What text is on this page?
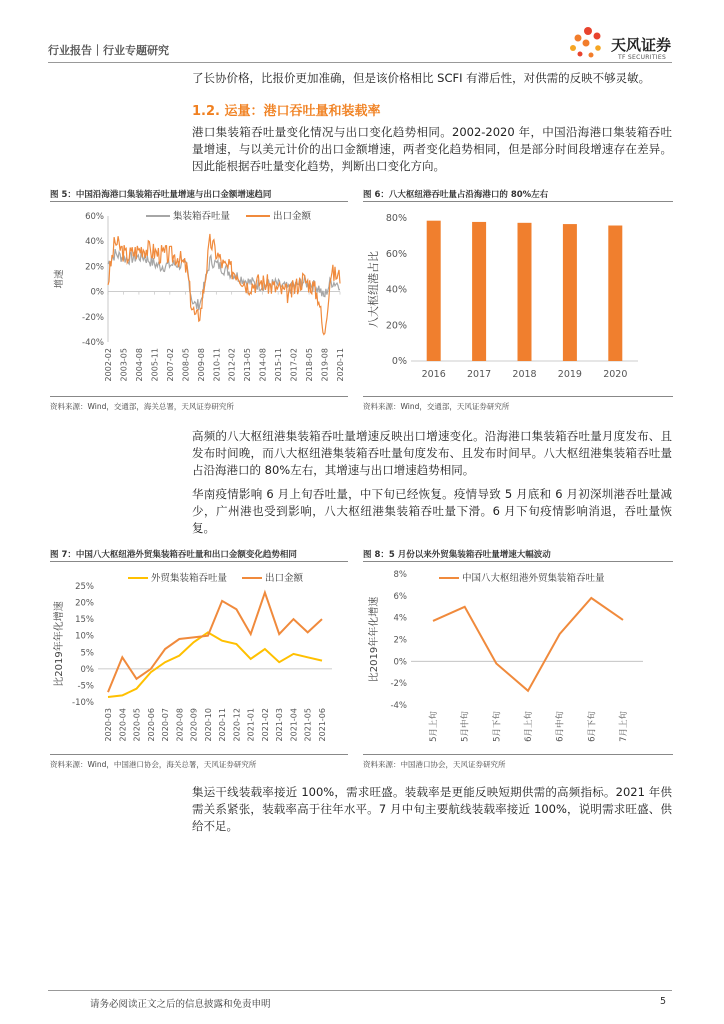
行业报告｜行业专题研究	天风证券
TF SECURITIES
了长协价格，比报价更加准确，但是该价格相比 SCFI 有滞后性，对供需的反映不够灵敏。
1.2. 运量：港口吞吐量和装载率
港口集装箱吞吐量变化情况与出口变化趋势相同。2002-2020 年，中国沿海港口集装箱吞吐量增速，与以美元计价的出口金额增速，两者变化趋势相同，但是部分时间段增速存在差异。因此能根据吞吐量变化趋势，判断出口变化方向。
图 5：中国沿海港口集装箱吞吐量增速与出口金额增速趋同
60%
40%
20%
0%
-20%
-40%
增速
2002-02 2003-05 2004-08 2005-11 2007-02 2008-05 2009-08 2010-11 2012-02 2013-05 2014-08 2015-11 2017-02 2018-05 2019-08 2020-11
集装箱吞吐量	出口金额
资料来源：Wind，交通部，海关总署，天风证券研究所
图 6：八大枢纽港吞吐量占沿海港口的 80%左右
80%
60%
40%
20%
0%
八大枢纽港占比
2016 2017 2018 2019 2020
资料来源：Wind，交通部，天风证券研究所
高频的八大枢纽港集装箱吞吐量增速反映出口增速变化。沿海港口集装箱吞吐量月度发布、且发布时间晚，而八大枢纽港集装箱吞吐量旬度发布、且发布时间早。八大枢纽港集装箱吞吐量占沿海港口的 80%左右，其增速与出口增速趋势相同。
华南疫情影响 6 月上旬吞吐量，中下旬已经恢复。疫情导致 5 月底和 6 月初深圳港吞吐量减少，广州港也受到影响，八大枢纽港集装箱吞吐量下滑。6 月下旬疫情影响消退，吞吐量恢复。
图 7：中国八大枢纽港外贸集装箱吞吐量和出口金额变化趋势相同
25%
20%
15%
10%
5%
0%
-5%
-10%
比2019年年化增速
2020-03 2020-04 2020-05 2020-06 2020-07 2020-08 2020-09 2020-10 2020-11 2020-12 2021-01 2021-02 2021-03 2021-04 2021-05 2021-06
外贸集装箱吞吐量	出口金额
资料来源：Wind，中国港口协会，海关总署，天风证券研究所
图 8：5 月份以来外贸集装箱吞吐量增速大幅波动
8%
6%
4%
2%
0%
-2%
-4%
比2019年年化增速
5月上旬	5月中旬	5月下旬	6月上旬	6月中旬	6月下旬	7月上旬
中国八大枢纽港外贸集装箱吞吐量
资料来源：中国港口协会，天风证券研究所
集运干线装载率接近 100%，需求旺盛。装载率是更能反映短期供需的高频指标。2021 年供需关系紧张，装载率高于往年水平。7 月中旬主要航线装载率接近 100%，说明需求旺盛、供给不足。
请务必阅读正文之后的信息披露和免责申明	5
